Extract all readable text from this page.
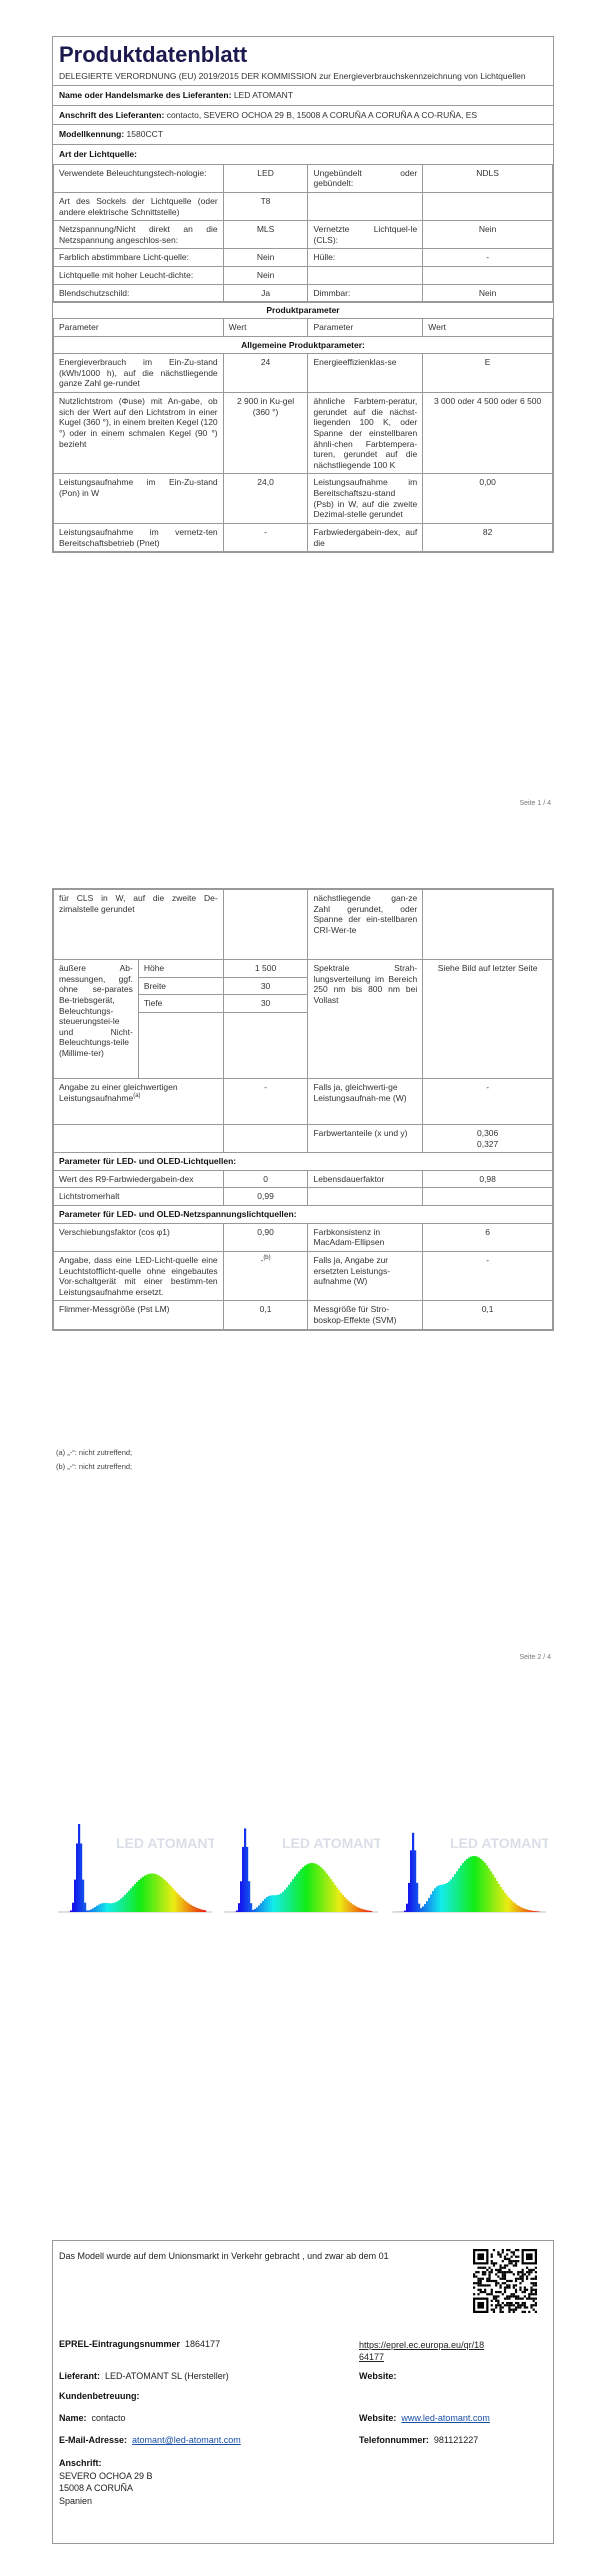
Produktdatenblatt
DELEGIERTE VERORDNUNG (EU) 2019/2015 DER KOMMISSION zur Energieverbrauchskennzeichnung von Lichtquellen
Name oder Handelsmarke des Lieferanten: LED ATOMANT
Anschrift des Lieferanten: contacto, SEVERO OCHOA 29 B, 15008 A CORUÑA A CORUÑA A CO-RUÑA, ES
Modellkennung: 1580CCT
Art der Lichtquelle:
Verwendete Beleuchtungstech-nologie:	LED	Ungebündelt oder gebündelt:	NDLS
Art des Sockels der Lichtquelle (oder andere elektrische Schnittstelle)	T8		
Netzspannung/Nicht direkt an die Netzspannung angeschlos-sen:	MLS	Vernetzte Lichtquel-le (CLS):	Nein
Farblich abstimmbare Licht-quelle:	Nein	Hülle:	-
Lichtquelle mit hoher Leucht-dichte:	Nein		
Blendschutzschild:	Ja	Dimmbar:	Nein
Produktparameter
Parameter	Wert	Parameter	Wert
Allgemeine Produktparameter:			
Energieverbrauch im Ein-Zu-stand (kWh/1000 h), auf die nächstliegende ganze Zahl ge-rundet	24	Energieeffizienklas-se	E
Nutzlichtstrom (Φuse) mit An-gabe, ob sich der Wert auf den Lichtstrom in einer Kugel (360 °), in einem breiten Kegel (120 °) oder in einem schmalen Kegel (90 °) bezieht	2 900 in Ku-gel (360 °)	ähnliche Farbtem-peratur, gerundet auf die nächst-liegenden 100 K, oder Spanne der einstellbaren ähnli-chen Farbtempera-turen, gerundet auf die nächstliegende 100 K	3 000 oder 4 500 oder 6 500
Leistungsaufnahme im Ein-Zu-stand (Pon) in W	24,0	Leistungsaufnahme im Bereitschaftszu-stand (Psb) in W, auf die zweite Dezimal-stelle gerundet	0,00
Leistungsaufnahme im vernetz-ten Bereitschaftsbetrieb (Pnet)	-	Farbwiedergabein-dex, auf die	82
Seite 1 / 4
für CLS in W, auf die zweite De-zimalstelle gerundet			nächstliegende gan-ze Zahl gerundet, oder Spanne der ein-stellbaren CRI-Wer-te	
äußere Ab-messungen, ggf. ohne se-parates Be-triebsgerät, Beleuchtungs-steuerungstei-le und Nicht-Beleuchtungs-teile (Millime-ter)	Höhe	1 500	Spektrale Strah-lungsverteilung im Bereich 250 nm bis 800 nm bei Vollast	Siehe Bild auf letzter Seite
	Breite	30		
	Tiefe	30		

Angabe zu einer gleichwertigen Leistungsaufnahme$^{(a)}$		-	Falls ja, gleichwerti-ge Leistungsaufnah-me (W)	-
			Farbwertanteile (x und y)	0,306
0,327
Parameter für LED- und OLED-Lichtquellen:				
Wert des R9-Farbwiedergabein-dex		0	Lebensdauerfaktor	0,98
Lichtstromerhalt		0,99		
Parameter für LED- und OLED-Netzspannungslichtquellen:				
Verschiebungsfaktor (cos φ1)		0,90	Farbkonsistenz in MacAdam-Ellipsen	6
Angabe, dass eine LED-Licht-quelle eine Leuchtstofflicht-quelle ohne eingebautes Vor-schaltgerät mit einer bestimm-ten Leistungsaufnahme ersetzt.		-$^{(b)}$	Falls ja, Angabe zur ersetzten Leistungs-aufnahme (W)	-
Flimmer-Messgröße (Pst LM)		0,1	Messgröße für Stro-boskop-Effekte (SVM)	0,1
(a) „-“: nicht zutreffend;
(b) „-“: nicht zutreffend;
Seite 2 / 4
LED ATOMANT	LED ATOMANT	LED ATOMANT
Das Modell wurde auf dem Unionsmarkt in Verkehr gebracht , und zwar ab dem 01
EPREL-Eintragungsnummer 1864177	https://eprel.ec.europa.eu/qr/18
64177
Lieferant: LED-ATOMANT SL (Hersteller)	Website:
Kundenbetreuung:
Name: contacto	Website: www.led-atomant.com
E-Mail-Adresse: atomant@led-atomant.com	Telefonnummer: 981121227
Anschrift:
SEVERO OCHOA 29 B
15008 A CORUÑA
Spanien
